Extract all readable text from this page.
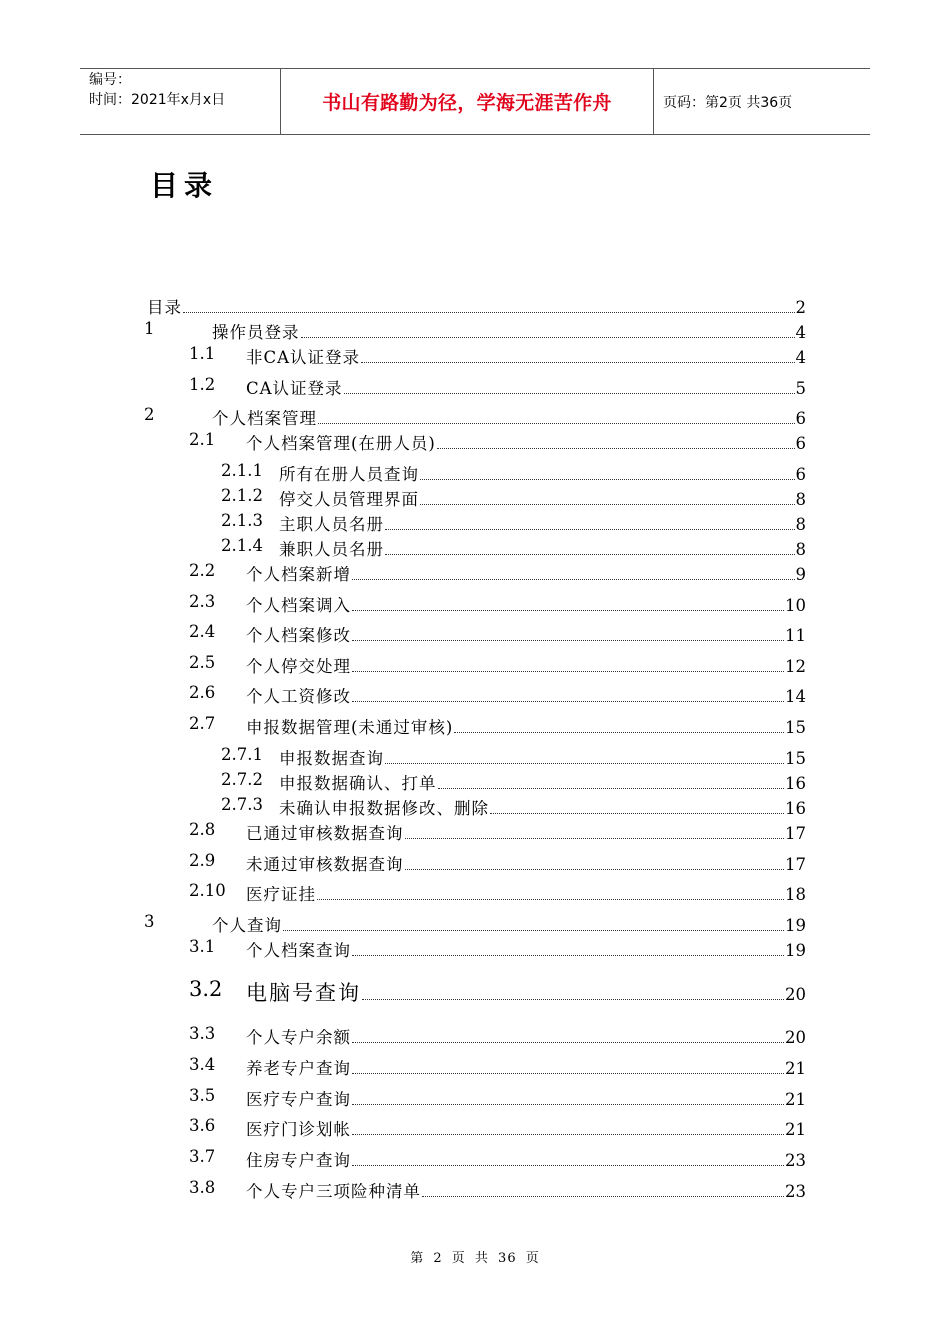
编号：
时间：2021年x月x日	书山有路勤为径，学海无涯苦作舟	页码：第2页 共36页
目录
目录	2
1	操作员登录	4
1.1 非CA认证登录	4
1.2 CA认证登录	5
2	个人档案管理	6
2.1 个人档案管理(在册人员)	6
2.1.1 所有在册人员查询	6
2.1.2 停交人员管理界面	8
2.1.3 主职人员名册	8
2.1.4 兼职人员名册	8
2.2 个人档案新增	9
2.3 个人档案调入	10
2.4 个人档案修改	11
2.5 个人停交处理	12
2.6 个人工资修改	14
2.7 申报数据管理(未通过审核)	15
2.7.1 申报数据查询	15
2.7.2 申报数据确认、打单	16
2.7.3 未确认申报数据修改、删除	16
2.8 已通过审核数据查询	17
2.9 未通过审核数据查询	17
2.10 医疗证挂	18
3	个人查询	19
3.1 个人档案查询	19
3.2 电脑号查询	20
3.3 个人专户余额	20
3.4 养老专户查询	21
3.5 医疗专户查询	21
3.6 医疗门诊划帐	21
3.7 住房专户查询	23
3.8 个人专户三项险种清单	23
第 2 页 共 36 页
